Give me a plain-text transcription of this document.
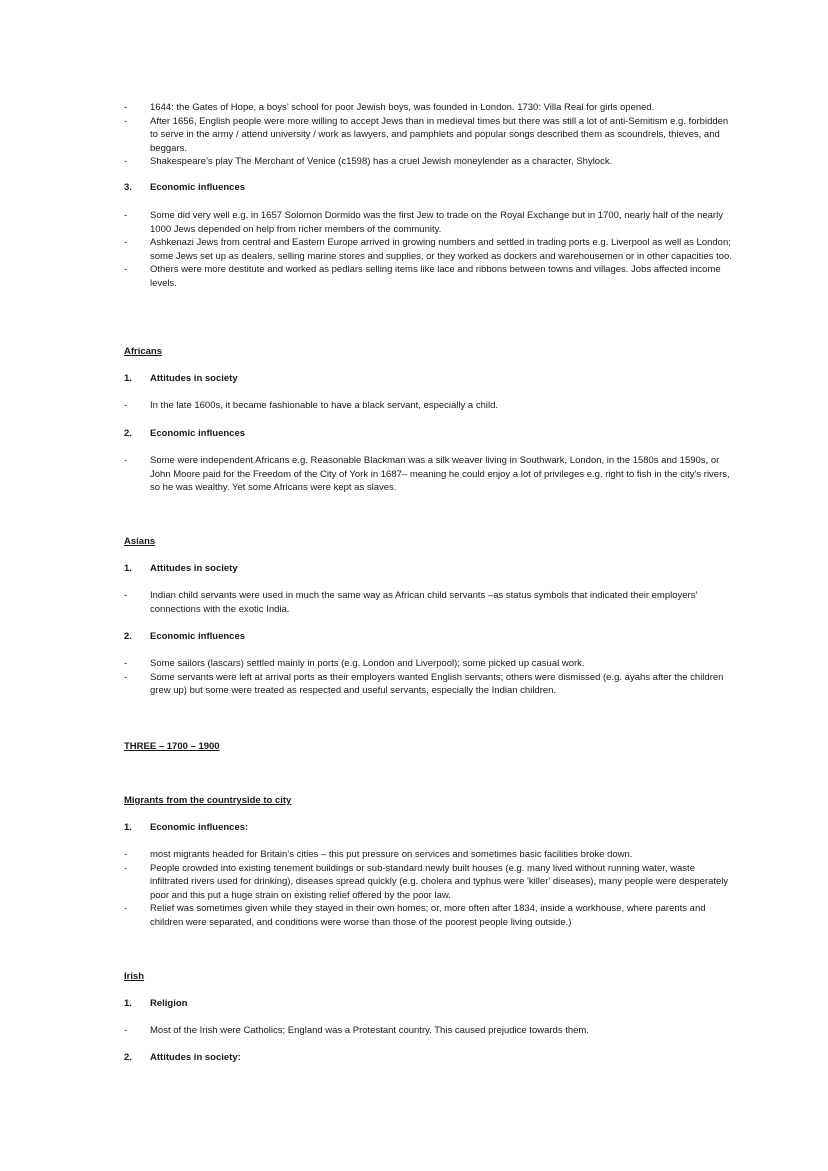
- 1644: the Gates of Hope, a boys’ school for poor Jewish boys, was founded in London. 1730: Villa Real for girls opened.
- After 1656, English people were more willing to accept Jews than in medieval times but there was still a lot of anti-Semitism e.g. forbidden to serve in the army / attend university / work as lawyers, and pamphlets and popular songs described them as scoundrels, thieves, and beggars.
- Shakespeare’s play The Merchant of Venice (c1598) has a cruel Jewish moneylender as a character, Shylock.
3. Economic influences
- Some did very well e.g. in 1657 Solomon Dormido was the first Jew to trade on the Royal Exchange but in 1700, nearly half of the nearly 1000 Jews depended on help from richer members of the community.
- Ashkenazi Jews from central and Eastern Europe arrived in growing numbers and settled in trading ports e.g. Liverpool as well as London; some Jews set up as dealers, selling marine stores and supplies, or they worked as dockers and warehousemen or in other capacities too.
- Others were more destitute and worked as pedlars selling items like lace and ribbons between towns and villages. Jobs affected income levels.
Africans
1. Attitudes in society
- In the late 1600s, it became fashionable to have a black servant, especially a child.
2. Economic influences
- Some were independent Africans e.g. Reasonable Blackman was a silk weaver living in Southwark, London, in the 1580s and 1590s, or John Moore paid for the Freedom of the City of York in 1687– meaning he could enjoy a lot of privileges e.g. right to fish in the city’s rivers, so he was wealthy. Yet some Africans were kept as slaves.
Asians
1. Attitudes in society
- Indian child servants were used in much the same way as African child servants –as status symbols that indicated their employers’ connections with the exotic India.
2. Economic influences
- Some sailors (lascars) settled mainly in ports (e.g. London and Liverpool); some picked up casual work.
- Some servants were left at arrival ports as their employers wanted English servants; others were dismissed (e.g. ayahs after the children grew up) but some were treated as respected and useful servants, especially the Indian children.
THREE – 1700 – 1900
Migrants from the countryside to city
1. Economic influences:
- most migrants headed for Britain’s cities – this put pressure on services and sometimes basic facilities broke down.
- People crowded into existing tenement buildings or sub-standard newly built houses (e.g. many lived without running water, waste infiltrated rivers used for drinking), diseases spread quickly (e.g. cholera and typhus were 'killer' diseases), many people were desperately poor and this put a huge strain on existing relief offered by the poor law.
- Relief was sometimes given while they stayed in their own homes; or, more often after 1834, inside a workhouse, where parents and children were separated, and conditions were worse than those of the poorest people living outside.)
Irish
1. Religion
- Most of the Irish were Catholics; England was a Protestant country. This caused prejudice towards them.
2. Attitudes in society:
